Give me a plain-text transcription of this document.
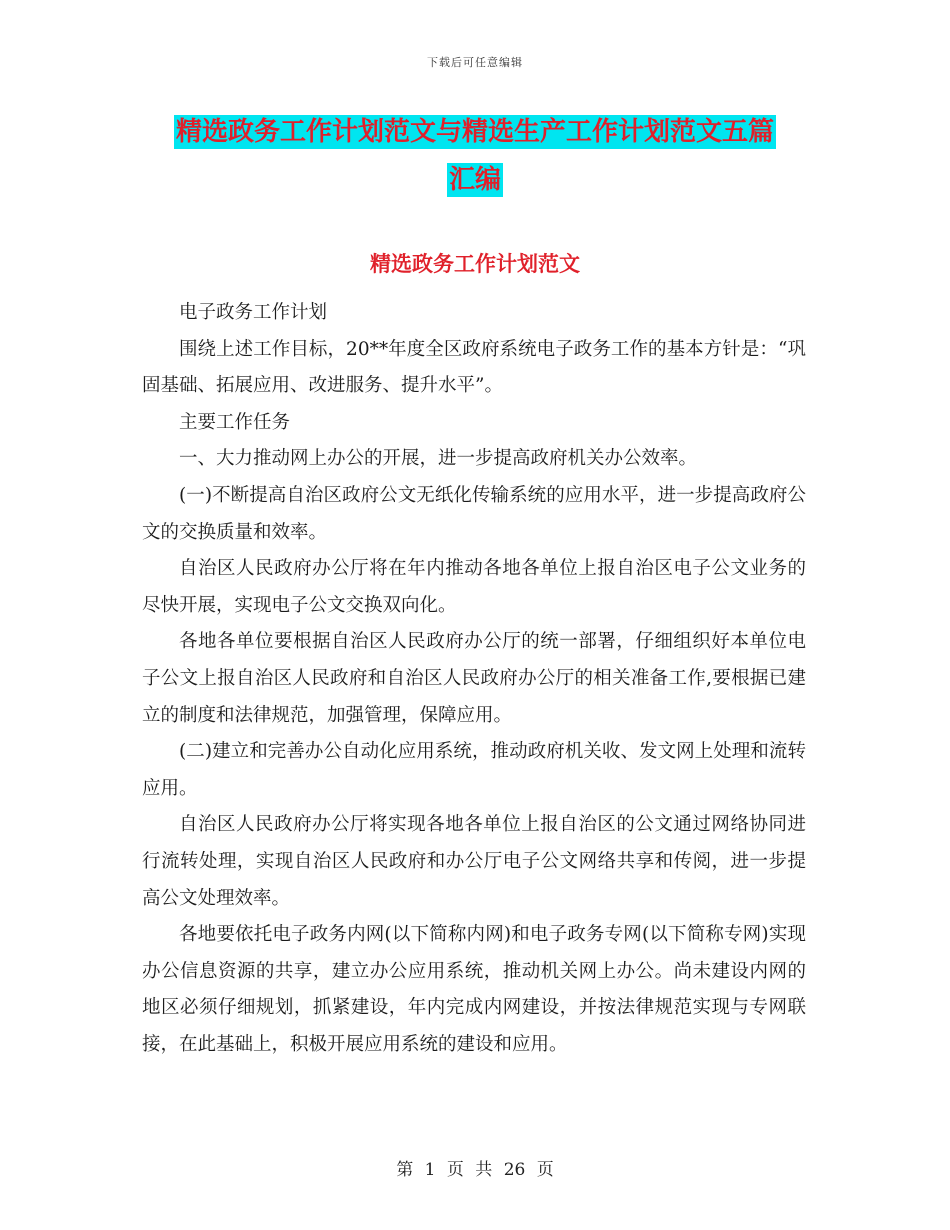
下载后可任意编辑
精选政务工作计划范文与精选生产工作计划范文五篇
汇编
精选政务工作计划范文

电子政务工作计划

围绕上述工作目标，20**年度全区政府系统电子政务工作的基本方针是：“巩固基础、拓展应用、改进服务、提升水平”。

主要工作任务

一、大力推动网上办公的开展，进一步提高政府机关办公效率。

(一)不断提高自治区政府公文无纸化传输系统的应用水平，进一步提高政府公文的交换质量和效率。

自治区人民政府办公厅将在年内推动各地各单位上报自治区电子公文业务的尽快开展，实现电子公文交换双向化。

各地各单位要根据自治区人民政府办公厅的统一部署，仔细组织好本单位电子公文上报自治区人民政府和自治区人民政府办公厅的相关准备工作,要根据已建立的制度和法律规范，加强管理，保障应用。

(二)建立和完善办公自动化应用系统，推动政府机关收、发文网上处理和流转应用。

自治区人民政府办公厅将实现各地各单位上报自治区的公文通过网络协同进行流转处理，实现自治区人民政府和办公厅电子公文网络共享和传阅，进一步提高公文处理效率。

各地要依托电子政务内网(以下简称内网)和电子政务专网(以下简称专网)实现办公信息资源的共享，建立办公应用系统，推动机关网上办公。尚未建设内网的地区必须仔细规划，抓紧建设，年内完成内网建设，并按法律规范实现与专网联接，在此基础上，积极开展应用系统的建设和应用。

第 1 页 共 26 页
